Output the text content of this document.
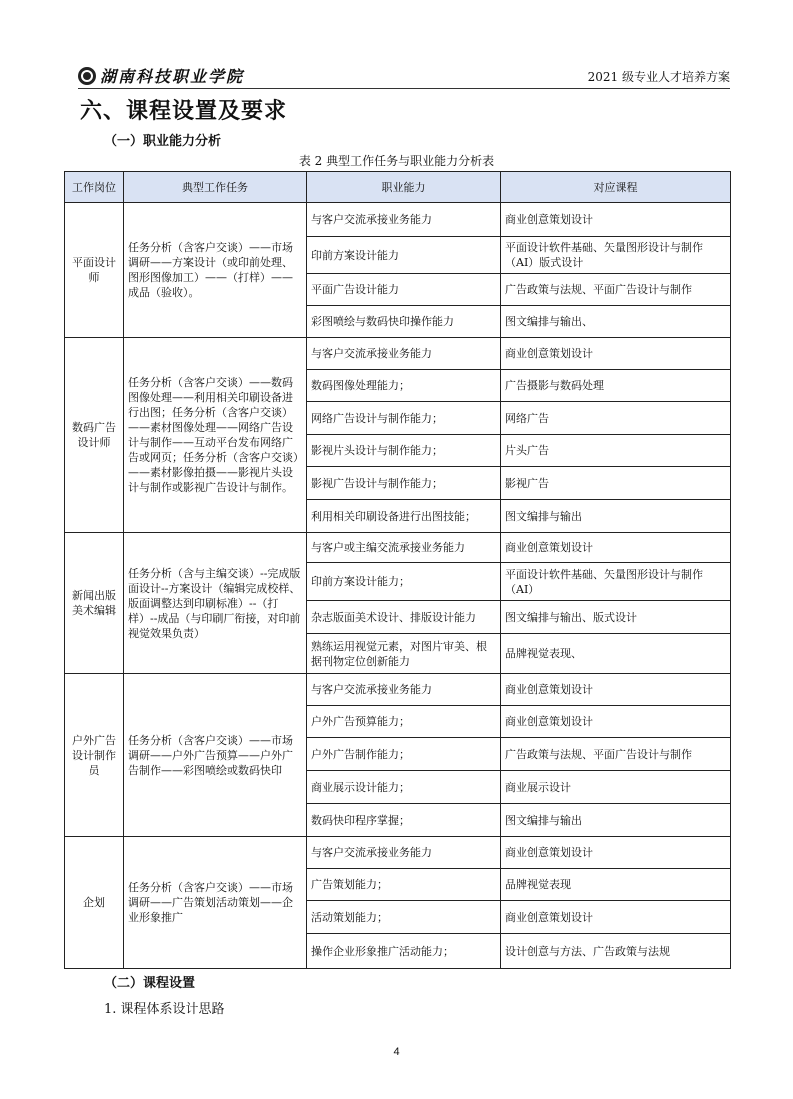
湖南科技职业学院	2021 级专业人才培养方案
六、课程设置及要求
（一）职业能力分析
表 2 典型工作任务与职业能力分析表
工作岗位	典型工作任务	职业能力	对应课程
平面设计师	任务分析（含客户交谈）——市场调研——方案设计（或印前处理、图形图像加工）——（打样）——成品（验收）。	与客户交流承接业务能力	商业创意策划设计
		印前方案设计能力	平面设计软件基础、矢量图形设计与制作（AI）版式设计
		平面广告设计能力	广告政策与法规、平面广告设计与制作
		彩图喷绘与数码快印操作能力	图文编排与输出、
数码广告设计师	任务分析（含客户交谈）——数码图像处理——利用相关印刷设备进行出图；任务分析（含客户交谈）——素材图像处理——网络广告设计与制作——互动平台发布网络广告或网页；任务分析（含客户交谈）——素材影像拍摄——影视片头设计与制作或影视广告设计与制作。	与客户交流承接业务能力	商业创意策划设计
		数码图像处理能力；	广告摄影与数码处理
		网络广告设计与制作能力；	网络广告
		影视片头设计与制作能力；	片头广告
		影视广告设计与制作能力；	影视广告
		利用相关印刷设备进行出图技能；	图文编排与输出
新闻出版美术编辑	任务分析（含与主编交谈）--完成版面设计--方案设计（编辑完成校样、版面调整达到印刷标准）--（打样）--成品（与印刷厂衔接，对印前视觉效果负责）	与客户或主编交流承接业务能力	商业创意策划设计
		印前方案设计能力；	平面设计软件基础、矢量图形设计与制作（AI）
		杂志版面美术设计、排版设计能力	图文编排与输出、版式设计
		熟练运用视觉元素，对图片审美、根据刊物定位创新能力	品牌视觉表现、
户外广告设计制作员	任务分析（含客户交谈）——市场调研——户外广告预算——户外广告制作——彩图喷绘或数码快印	与客户交流承接业务能力	商业创意策划设计
		户外广告预算能力；	商业创意策划设计
		户外广告制作能力；	广告政策与法规、平面广告设计与制作
		商业展示设计能力；	商业展示设计
		数码快印程序掌握；	图文编排与输出
企划	任务分析（含客户交谈）——市场调研——广告策划活动策划——企业形象推广	与客户交流承接业务能力	商业创意策划设计
		广告策划能力；	品牌视觉表现
		活动策划能力；	商业创意策划设计
		操作企业形象推广活动能力；	设计创意与方法、广告政策与法规
（二）课程设置
1. 课程体系设计思路
4
